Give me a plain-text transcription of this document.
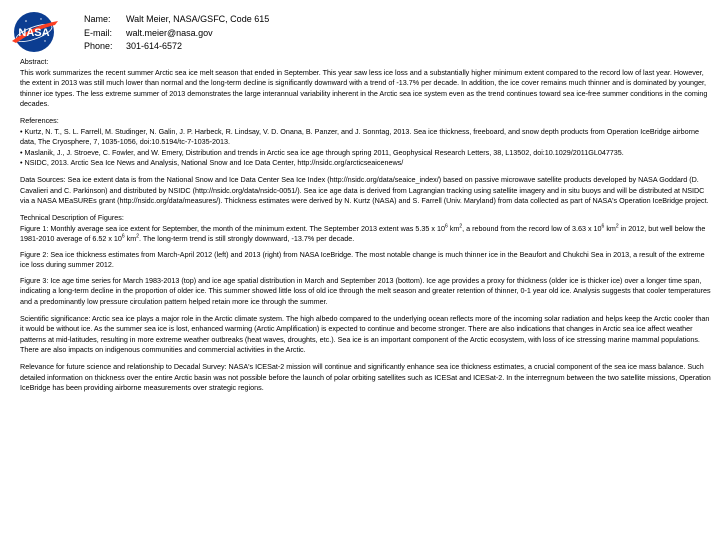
NASA
Name:	Walt Meier, NASA/GSFC, Code 615
E-mail:	walt.meier@nasa.gov
Phone:	301-614-6572

Abstract:
This work summarizes the recent summer Arctic sea ice melt season that ended in September. This year saw less ice loss and a substantially higher minimum extent compared to the record low of last year. However, the extent in 2013 was still much lower than normal and the long-term decline is significantly downward with a trend of -13.7% per decade. In addition, the ice cover remains much thinner and is dominated by younger, thinner ice types. The less extreme summer of 2013 demonstrates the large interannual variability inherent in the Arctic sea ice system even as the trend continues toward sea ice-free summer conditions in the coming decades.

References:
• Kurtz, N. T., S. L. Farrell, M. Studinger, N. Galin, J. P. Harbeck, R. Lindsay, V. D. Onana, B. Panzer, and J. Sonntag, 2013. Sea ice thickness, freeboard, and snow depth products from Operation IceBridge airborne data, The Cryosphere, 7, 1035-1056, doi:10.5194/tc-7-1035-2013.
• Maslanik, J., J. Stroeve, C. Fowler, and W. Emery, Distribution and trends in Arctic sea ice age through spring 2011, Geophysical Research Letters, 38, L13502, doi:10.1029/2011GL047735.
• NSIDC, 2013. Arctic Sea Ice News and Analysis, National Snow and Ice Data Center, http://nsidc.org/arcticseaicenews/

Data Sources: Sea ice extent data is from the National Snow and Ice Data Center Sea Ice Index (http://nsidc.org/data/seaice_index/) based on passive microwave satellite products developed by NASA Goddard (D. Cavalieri and C. Parkinson) and distributed by NSIDC (http://nsidc.org/data/nsidc-0051/). Sea ice age data is derived from Lagrangian tracking using satellite imagery and in situ buoys and will be distributed at NSIDC via a NASA MEaSUREs grant (http://nsidc.org/data/measures/). Thickness estimates were derived by N. Kurtz (NASA) and S. Farrell (Univ. Maryland) from data collected as part of NASA's Operation IceBridge project.

Technical Description of Figures:
Figure 1: Monthly average sea ice extent for September, the month of the minimum extent. The September 2013 extent was 5.35 x $10^6$ $km^2$, a rebound from the record low of 3.63 x $10^6$ $km^2$ in 2012, but well below the 1981-2010 average of 6.52 x $10^6$ $km^2$. The long-term trend is still strongly downward, -13.7% per decade.

Figure 2: Sea ice thickness estimates from March-April 2012 (left) and 2013 (right) from NASA IceBridge. The most notable change is much thinner ice in the Beaufort and Chukchi Sea in 2013, a result of the extreme ice loss during summer 2012.

Figure 3: Ice age time series for March 1983-2013 (top) and ice age spatial distribution in March and September 2013 (bottom). Ice age provides a proxy for thickness (older ice is thicker ice) over a longer time span, indicating a long-term decline in the proportion of older ice. This summer showed little loss of old ice through the melt season and greater retention of thinner, 0-1 year old ice. Analysis suggests that cooler temperatures and a predominantly low pressure circulation pattern helped retain more ice through the summer.

Scientific significance: Arctic sea ice plays a major role in the Arctic climate system. The high albedo compared to the underlying ocean reflects more of the incoming solar radiation and helps keep the Arctic cooler than it would be without ice. As the summer sea ice is lost, enhanced warming (Arctic Amplification) is expected to continue and become stronger. There are also indications that changes in Arctic sea ice affect weather patterns at mid-latitudes, resulting in more extreme weather outbreaks (heat waves, droughts, etc.). Sea ice is an important component of the Arctic ecosystem, with loss of ice stressing marine mammal populations. There are also impacts on indigenous communities and commercial activities in the Arctic.

Relevance for future science and relationship to Decadal Survey: NASA's ICESat-2 mission will continue and significantly enhance sea ice thickness estimates, a crucial component of the sea ice mass balance. Such detailed information on thickness over the entire Arctic basin was not possible before the launch of polar orbiting satellites such as ICESat and ICESat-2. In the interregnum between the two satellite missions, Operation IceBridge has been providing airborne measurements over strategic regions.
